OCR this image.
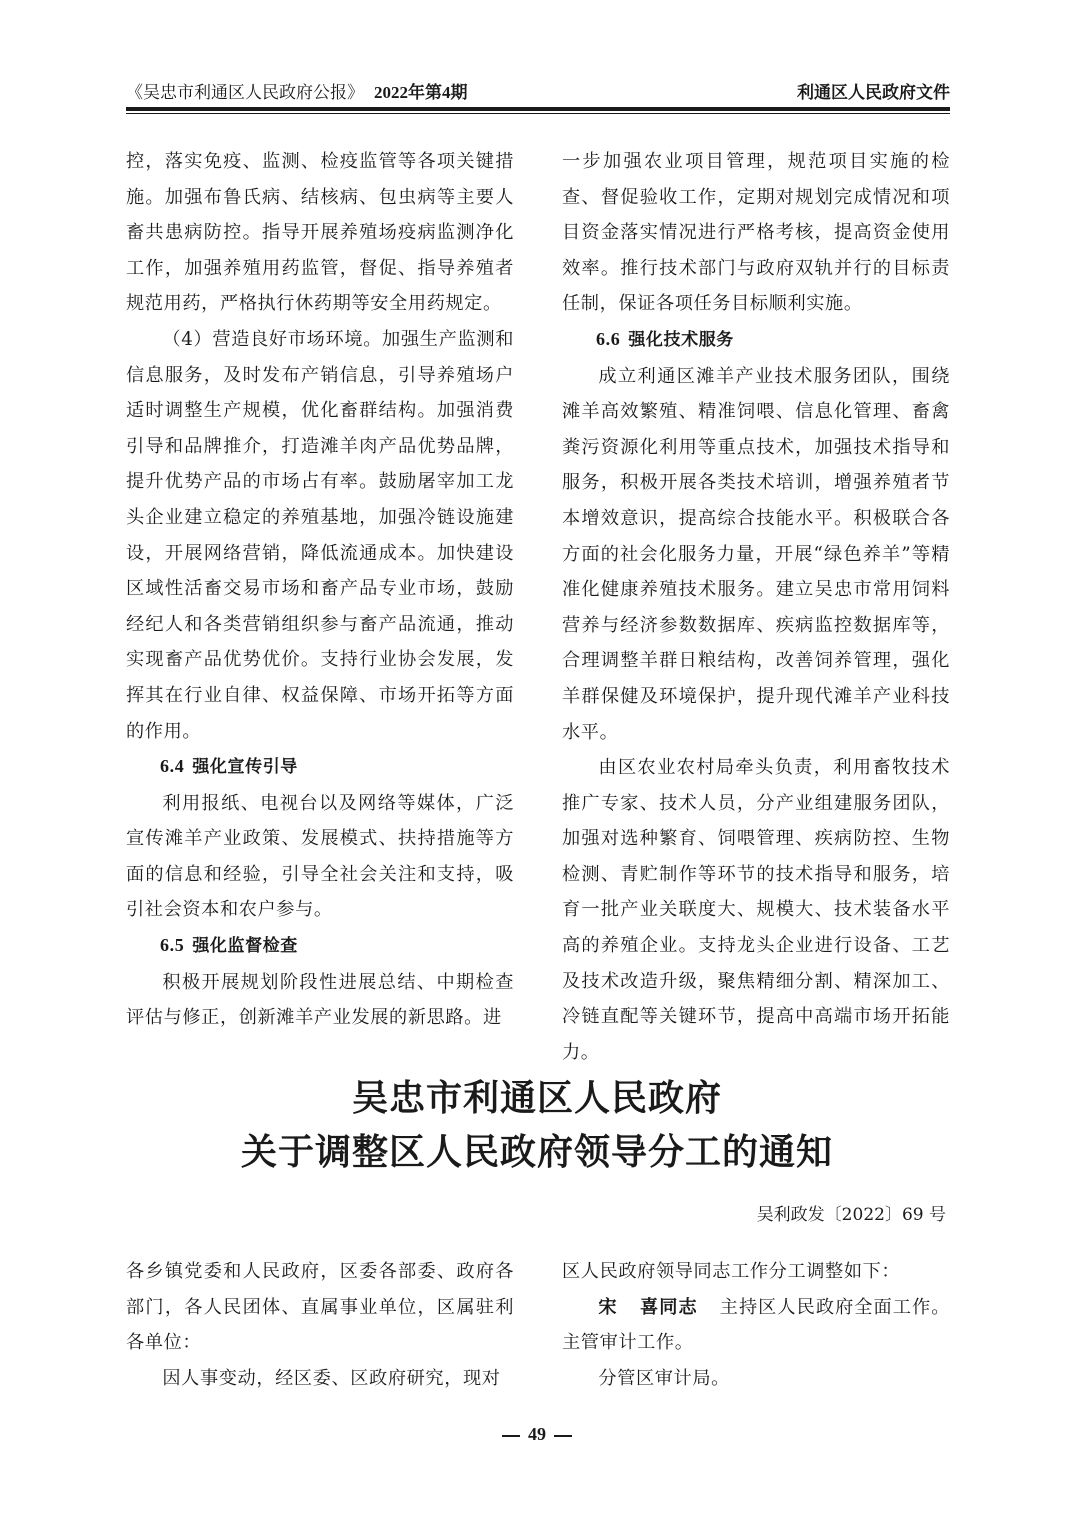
《吴忠市利通区人民政府公报》 2022年第4期	利通区人民政府文件

控，落实免疫、监测、检疫监管等各项关键措施。加强布鲁氏病、结核病、包虫病等主要人畜共患病防控。指导开展养殖场疫病监测净化工作，加强养殖用药监管，督促、指导养殖者规范用药，严格执行休药期等安全用药规定。

（4）营造良好市场环境。加强生产监测和信息服务，及时发布产销信息，引导养殖场户适时调整生产规模，优化畜群结构。加强消费引导和品牌推介，打造滩羊肉产品优势品牌，提升优势产品的市场占有率。鼓励屠宰加工龙头企业建立稳定的养殖基地，加强冷链设施建设，开展网络营销，降低流通成本。加快建设区域性活畜交易市场和畜产品专业市场，鼓励经纪人和各类营销组织参与畜产品流通，推动实现畜产品优势优价。支持行业协会发展，发挥其在行业自律、权益保障、市场开拓等方面的作用。

6.4 强化宣传引导

利用报纸、电视台以及网络等媒体，广泛宣传滩羊产业政策、发展模式、扶持措施等方面的信息和经验，引导全社会关注和支持，吸引社会资本和农户参与。

6.5 强化监督检查

积极开展规划阶段性进展总结、中期检查评估与修正，创新滩羊产业发展的新思路。进

一步加强农业项目管理，规范项目实施的检查、督促验收工作，定期对规划完成情况和项目资金落实情况进行严格考核，提高资金使用效率。推行技术部门与政府双轨并行的目标责任制，保证各项任务目标顺利实施。

6.6 强化技术服务

成立利通区滩羊产业技术服务团队，围绕滩羊高效繁殖、精准饲喂、信息化管理、畜禽粪污资源化利用等重点技术，加强技术指导和服务，积极开展各类技术培训，增强养殖者节本增效意识，提高综合技能水平。积极联合各方面的社会化服务力量，开展“绿色养羊”等精准化健康养殖技术服务。建立吴忠市常用饲料营养与经济参数数据库、疾病监控数据库等，合理调整羊群日粮结构，改善饲养管理，强化羊群保健及环境保护，提升现代滩羊产业科技水平。

由区农业农村局牵头负责，利用畜牧技术推广专家、技术人员，分产业组建服务团队，加强对选种繁育、饲喂管理、疾病防控、生物检测、青贮制作等环节的技术指导和服务，培育一批产业关联度大、规模大、技术装备水平高的养殖企业。支持龙头企业进行设备、工艺及技术改造升级，聚焦精细分割、精深加工、冷链直配等关键环节，提高中高端市场开拓能力。

吴忠市利通区人民政府
关于调整区人民政府领导分工的通知
吴利政发〔2022〕69 号

各乡镇党委和人民政府，区委各部委、政府各部门，各人民团体、直属事业单位，区属驻利各单位：

因人事变动，经区委、区政府研究，现对

区人民政府领导同志工作分工调整如下：

宋 喜同志 主持区人民政府全面工作。主管审计工作。

分管区审计局。

49
